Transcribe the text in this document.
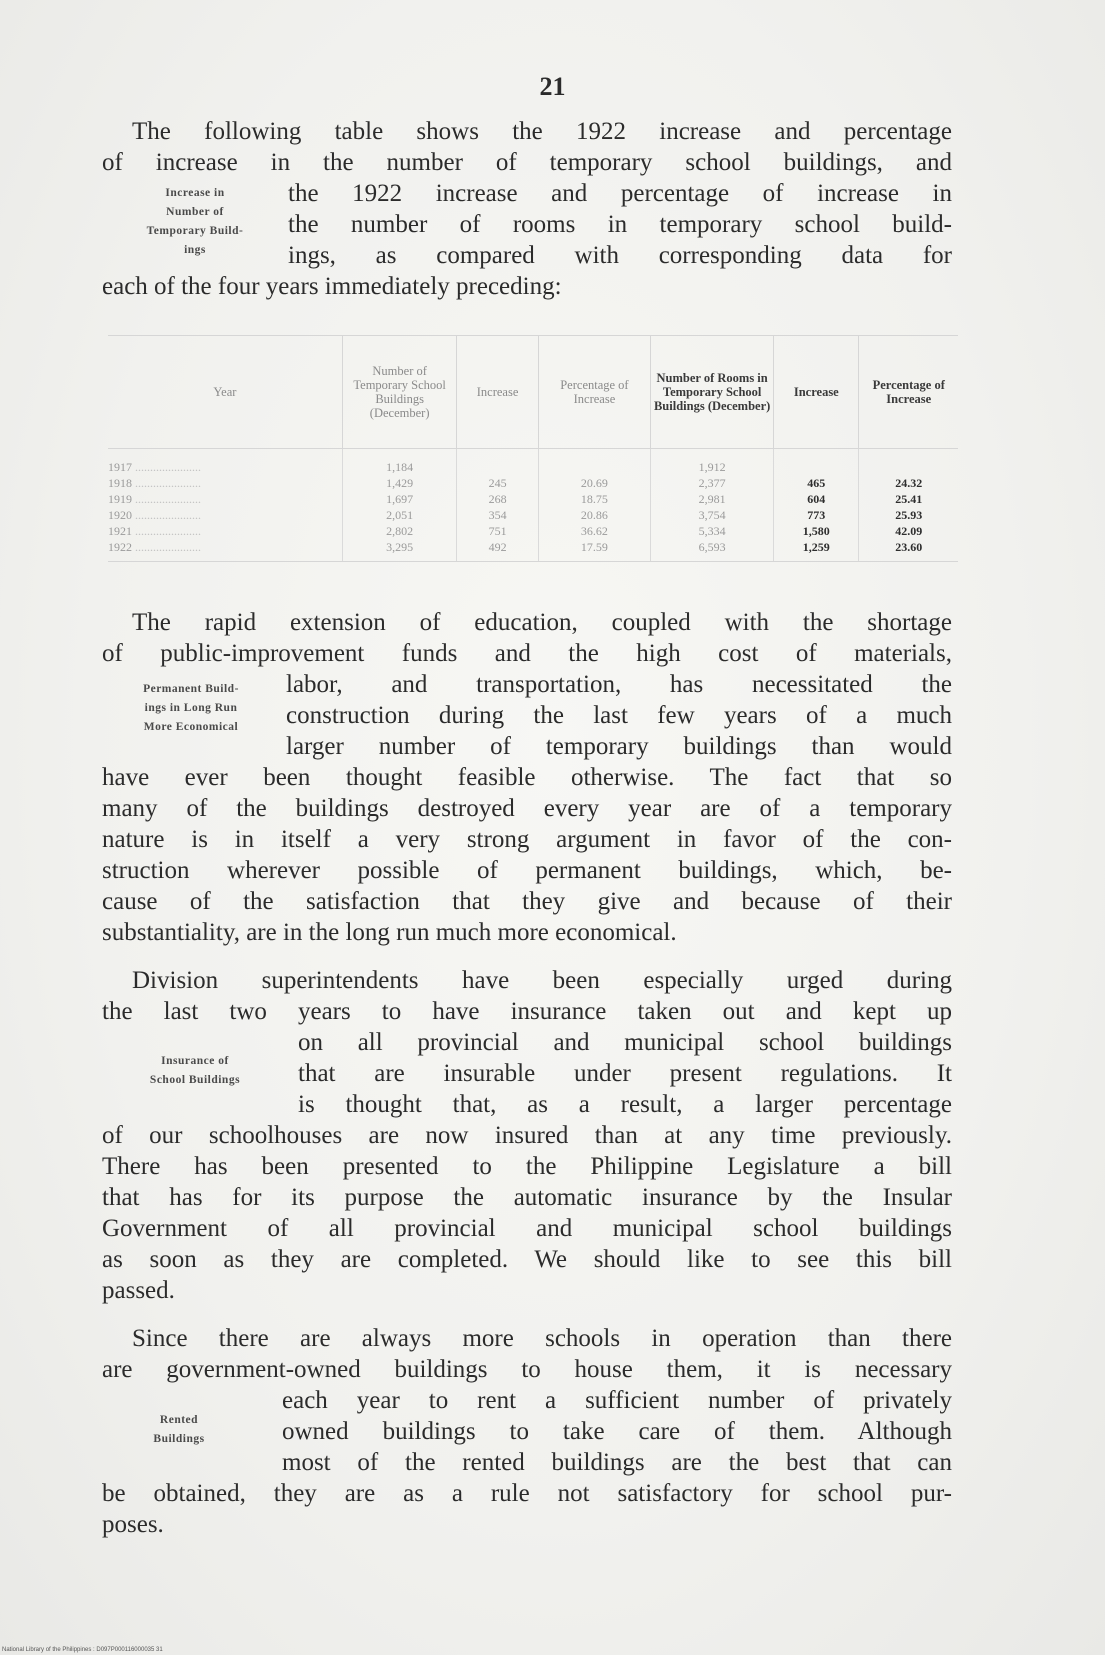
21
The following table shows the 1922 increase and percentage
of increase in the number of temporary school buildings, and
the 1922 increase and percentage of increase in
the number of rooms in temporary school build-
ings, as compared with corresponding data for
each of the four years immediately preceding:
Increase in
Number of
Temporary Build-
ings
Year	Number of Temporary School Buildings (December)	Increase	Percentage of Increase	Number of Rooms in Temporary School Buildings (December)	Increase	Percentage of Increase
1917 ......................	1,184			1,912		
1918 ......................	1,429	245	20.69	2,377	465	24.32
1919 ......................	1,697	268	18.75	2,981	604	25.41
1920 ......................	2,051	354	20.86	3,754	773	25.93
1921 ......................	2,802	751	36.62	5,334	1,580	42.09
1922 ......................	3,295	492	17.59	6,593	1,259	23.60
The rapid extension of education, coupled with the shortage
of public-improvement funds and the high cost of materials,
labor, and transportation, has necessitated the
construction during the last few years of a much
larger number of temporary buildings than would
have ever been thought feasible otherwise. The fact that so
many of the buildings destroyed every year are of a temporary
nature is in itself a very strong argument in favor of the con-
struction wherever possible of permanent buildings, which, be-
cause of the satisfaction that they give and because of their
substantiality, are in the long run much more economical.
Permanent Build-
ings in Long Run
More Economical
Division superintendents have been especially urged during
the last two years to have insurance taken out and kept up
on all provincial and municipal school buildings
that are insurable under present regulations. It
is thought that, as a result, a larger percentage
of our schoolhouses are now insured than at any time previously.
There has been presented to the Philippine Legislature a bill
that has for its purpose the automatic insurance by the Insular
Government of all provincial and municipal school buildings
as soon as they are completed. We should like to see this bill
passed.
Insurance of
School Buildings
Since there are always more schools in operation than there
are government-owned buildings to house them, it is necessary
each year to rent a sufficient number of privately
owned buildings to take care of them. Although
most of the rented buildings are the best that can
be obtained, they are as a rule not satisfactory for school pur-
poses.
Rented
Buildings
National Library of the Philippines : D097P000116000035 31
